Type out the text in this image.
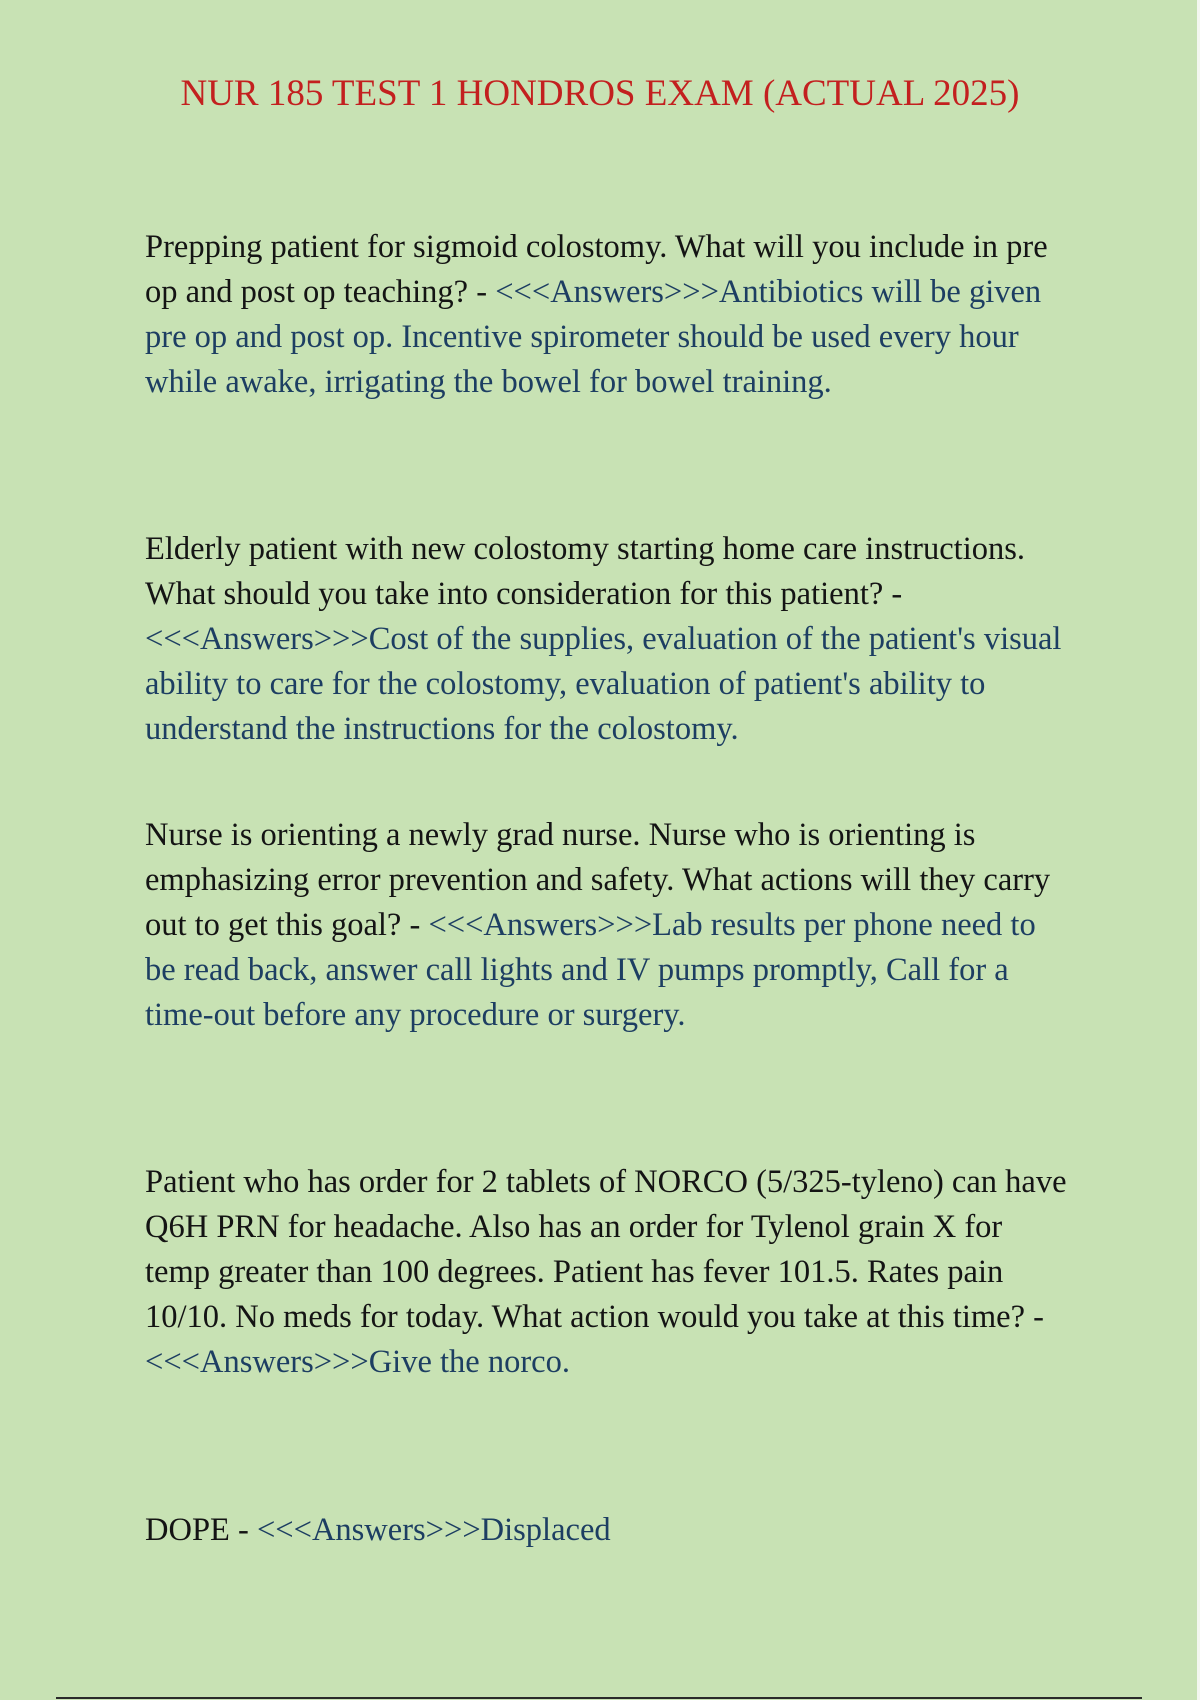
NUR 185 TEST 1 HONDROS EXAM (ACTUAL 2025)

Prepping patient for sigmoid colostomy. What will you include in pre op and post op teaching? - <<<Answers>>>Antibiotics will be given pre op and post op. Incentive spirometer should be used every hour while awake, irrigating the bowel for bowel training.

Elderly patient with new colostomy starting home care instructions. What should you take into consideration for this patient? - <<<Answers>>>Cost of the supplies, evaluation of the patient's visual ability to care for the colostomy, evaluation of patient's ability to understand the instructions for the colostomy.

Nurse is orienting a newly grad nurse. Nurse who is orienting is emphasizing error prevention and safety. What actions will they carry out to get this goal? - <<<Answers>>>Lab results per phone need to be read back, answer call lights and IV pumps promptly, Call for a time-out before any procedure or surgery.

Patient who has order for 2 tablets of NORCO (5/325-tyleno) can have Q6H PRN for headache. Also has an order for Tylenol grain X for temp greater than 100 degrees. Patient has fever 101.5. Rates pain 10/10. No meds for today. What action would you take at this time? - <<<Answers>>>Give the norco.

DOPE - <<<Answers>>>Displaced
